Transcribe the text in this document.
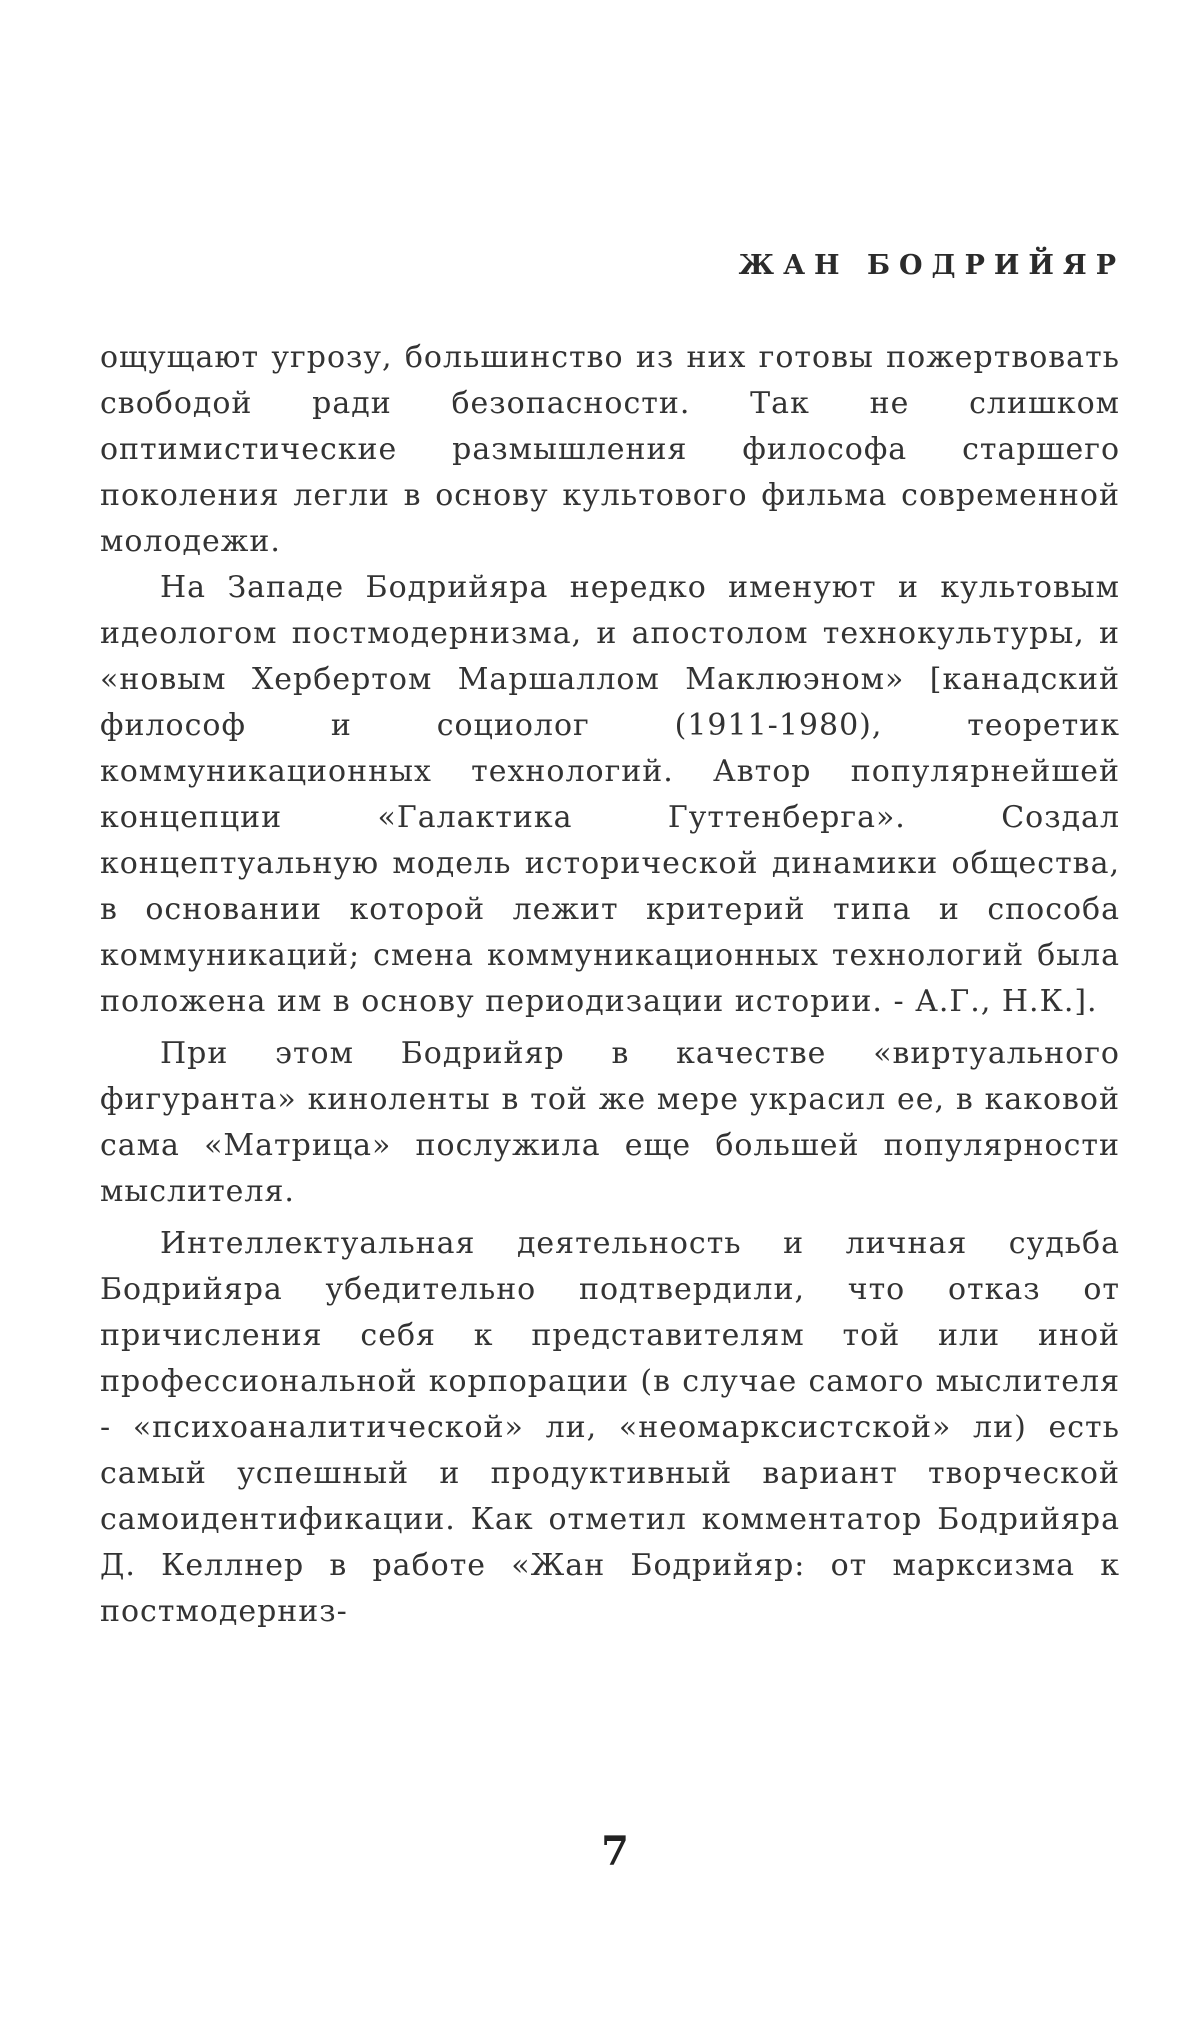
ЖАН БОДРИЙЯР

ощущают угрозу, большинство из них готовы пожертвовать свободой ради безопасности. Так не слишком оптимистические размышления философа старшего поколения легли в основу культового фильма современной молодежи.

На Западе Бодрийяра нередко именуют и культовым идеологом постмодернизма, и апостолом технокультуры, и «новым Хербертом Маршаллом Маклюэном» [канадский философ и социолог (1911-1980), теоретик коммуникационных технологий. Автор популярнейшей концепции «Галактика Гуттенберга». Создал концептуальную модель исторической динамики общества, в основании которой лежит критерий типа и способа коммуникаций; смена коммуникационных технологий была положена им в основу периодизации истории. - А.Г., Н.К.].

При этом Бодрийяр в качестве «виртуального фигуранта» киноленты в той же мере украсил ее, в каковой сама «Матрица» послужила еще большей популярности мыслителя.

Интеллектуальная деятельность и личная судьба Бодрийяра убедительно подтвердили, что отказ от причисления себя к представителям той или иной профессиональной корпорации (в случае самого мыслителя - «психоаналитической» ли, «неомарксистской» ли) есть самый успешный и продуктивный вариант творческой самоидентификации. Как отметил комментатор Бодрийяра Д. Келлнер в работе «Жан Бодрийяр: от марксизма к постмодерниз-

7
